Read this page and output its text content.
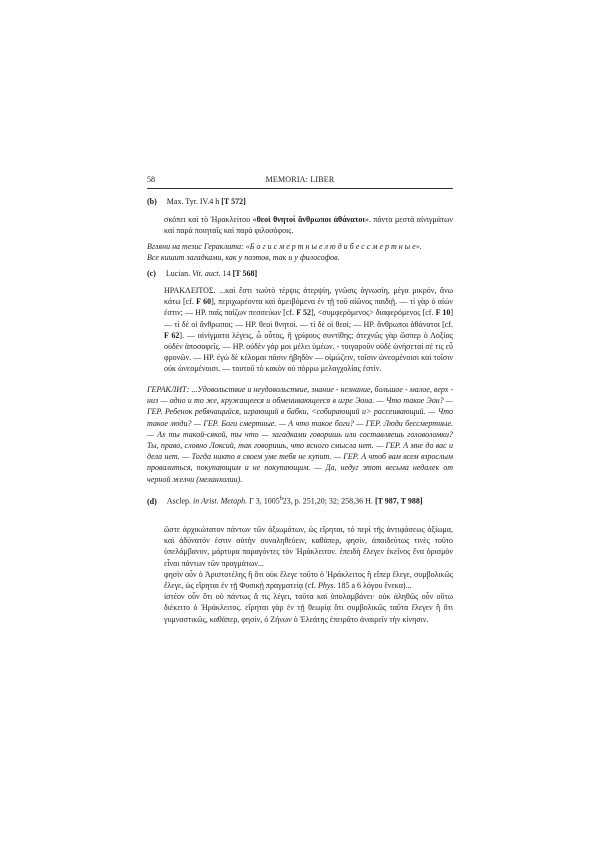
58	MEMORIA: LIBER
(b) Max. Tyr. IV.4 h [T 572]
σκόπει καὶ τὸ Ἡρακλείτου «θεοὶ θνητοί ἄνθρωποι ἀθάνατοι». πάντα μεστὰ αἰνιγμάτων καὶ παρὰ ποιηταῖς καὶ παρὰ φιλοσόφοις.

Вгляни на тезис Гераклита: «Б о г и с м е р т н ы е л ю д и б е с с м е р т н ы е».

Все кишит загадками, как у поэтов, так и у философов.

(c) Lucian. Vit. auct. 14 [T 568]
ΗΡΑΚΛΕΙΤΟΣ. ...καὶ ἔστι τωὐτὸ τέρψις ἀτερψίη, γνῶσις ἀγνωσίη, μέγα μικρόν, ἄνω κάτω [cf. F 60], περιχωρέοντα καὶ ἀμειβόμενα ἐν τῇ τοῦ αἰῶνος παιδιῇ. — τί γὰρ ὁ αἰών ἐστιν; — ΗΡ. παῖς παίζων πεσσεύων [cf. F 52], <συμφερόμενος> διαφερόμενος [cf. F 10] — τί δὲ οἱ ἄνθρωποι; — ΗΡ. θεοὶ θνητοί. — τί δὲ οἱ θεοί; — ΗΡ. ἄνθρωποι ἀθάνατοι [cf. F 62]. — αἰνίγματα λέγεις, ὦ οὗτος, ἢ γρίφους συντίθης; ἀτεχνῶς γὰρ ὥσπερ ὁ Λοξίας οὐδὲν ἀποσαφεῖς. — ΗΡ. οὐδὲν γάρ μοι μέλει ὑμέων. - τοιγαροῦν οὐδὲ ὠνήσεταί σέ τις εὖ φρονῶν. — ΗΡ. ἐγὼ δὲ κέλομαι πᾶσιν ἡβηδὸν — οἰμώζειν, τοῖσιν ὠνεομένοισι καὶ τοῖσιν οὐκ ὠνεομένοισι. — τουτοῦ τὸ κακὸν οὐ πόρρω μελαγχολίας ἐστίν.

ГЕРАКЛИТ: ...Удовольствие и неудовольствие, знание - незнание, большое - малое, верх - низ — одно и то же, кружащееся и обменивающееся в игре Эона. — Что такое Эон? — ГЕР. Ребенок ребячащийся, играющий в бабки, <собирающий и> рассеивающий. — Что такое люди? — ГЕР. Боги смертные. — А что такое боги? — ГЕР. Люди бессмертные. — Ах ты такой-сякой, ты что — загадками говоришь или составляешь головоломки? Ты, право, словно Локсий, так говоришь, что ясного смысла нет. — ГЕР. А мне до вас и дела нет. — Тогда никто в своем уме тебя не купит. — ГЕР. А чтоб вам всем взрослым провалиться, покупающим и не покупающим. — Да, недуг этот весьма недалек от черной желчи (меланхолии).

(d) Asclep. in Arist. Metaph. Γ 3, 1005$^b$23, p. 251,20; 32; 258,36 H. [T 987, T 988]

ὥστε ἀρχικώτατον πάντων τῶν ἀξιωμάτων, ὡς εἴρηται, τὸ περὶ τῆς ἀντιφάσεως ἀξίωμα, καὶ ἀδύνατόν ἐστιν αὐτὴν συναληθεύειν, καθάπερ, φησίν, ἀπαιδεύτως τινὲς τοῦτο ὑπελάμβανον, μάρτυρα παραγόντες τὸν Ἡράκλειτον. ἐπειδὴ ἔλεγεν ἐκεῖνος ἕνα ὁρισμὸν εἶναι πάντων τῶν πραγμάτων...

φησὶν οὖν ὁ Ἀριστοτέλης ἢ ὅτι οὐκ ἔλεγε τοῦτο ὁ Ἡράκλειτος ἢ εἴπερ ἔλεγε, συμβολικῶς ἔλεγε, ὡς εἴρηται ἐν τῇ Φυσικῇ πραγματείᾳ (cf. Phys. 185 a 6 λόγου ἕνεκα)...

ἰστέον οὖν ὅτι οὐ πάντως ἅ τις λέγει, ταῦτα καὶ ὑπολαμβάνει· οὐκ ἀληθῶς οὖν οὕτω διέκειτο ὁ Ἡράκλειτος. εἴρηται γὰρ ἐν τῇ θεωρίᾳ ὅτι συμβολικῶς ταῦτα ἔλεγεν ἢ ὅτι γυμναστικῶς, καθάπερ, φησίν, ὁ Ζήνων ὁ Ἐλεάτης ἐπειρᾶτο ἀναιρεῖν τὴν κίνησιν.
